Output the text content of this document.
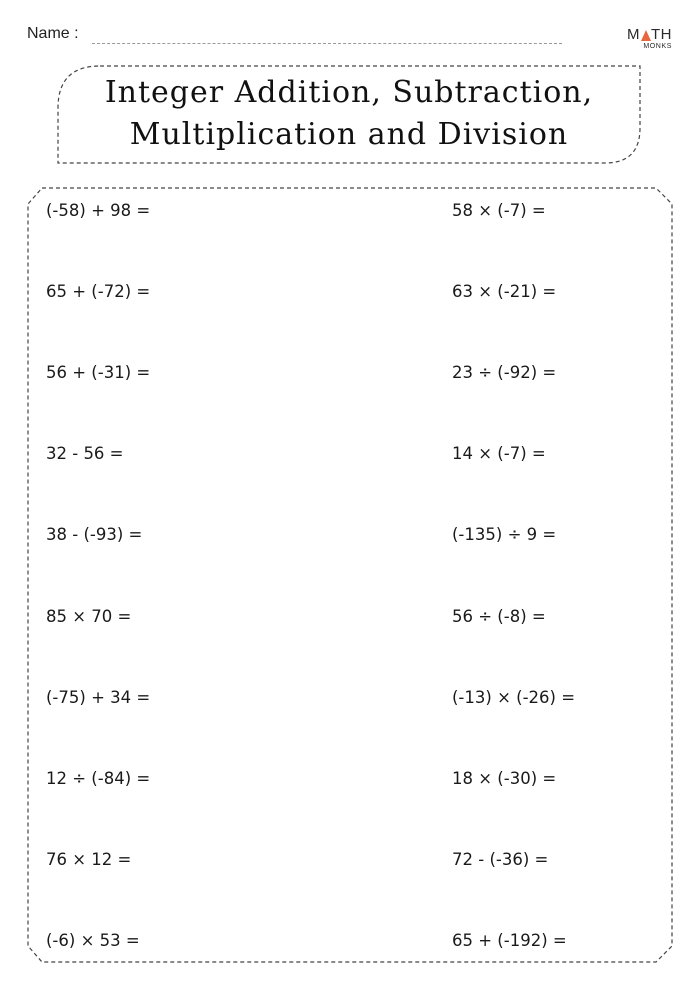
Name :	M TH
MONKS
Integer Addition, Subtraction,
Multiplication and Division
(-58) + 98 =
65 + (-72) =
56 + (-31) =
32 - 56 =
38 - (-93) =
85 × 70 =
(-75) + 34 =
12 ÷ (-84) =
76 × 12 =
(-6) × 53 =
58 × (-7) =
63 × (-21) =
23 ÷ (-92) =
14 × (-7) =
(-135) ÷ 9 =
56 ÷ (-8) =
(-13) × (-26) =
18 × (-30) =
72 - (-36) =
65 + (-192) =
